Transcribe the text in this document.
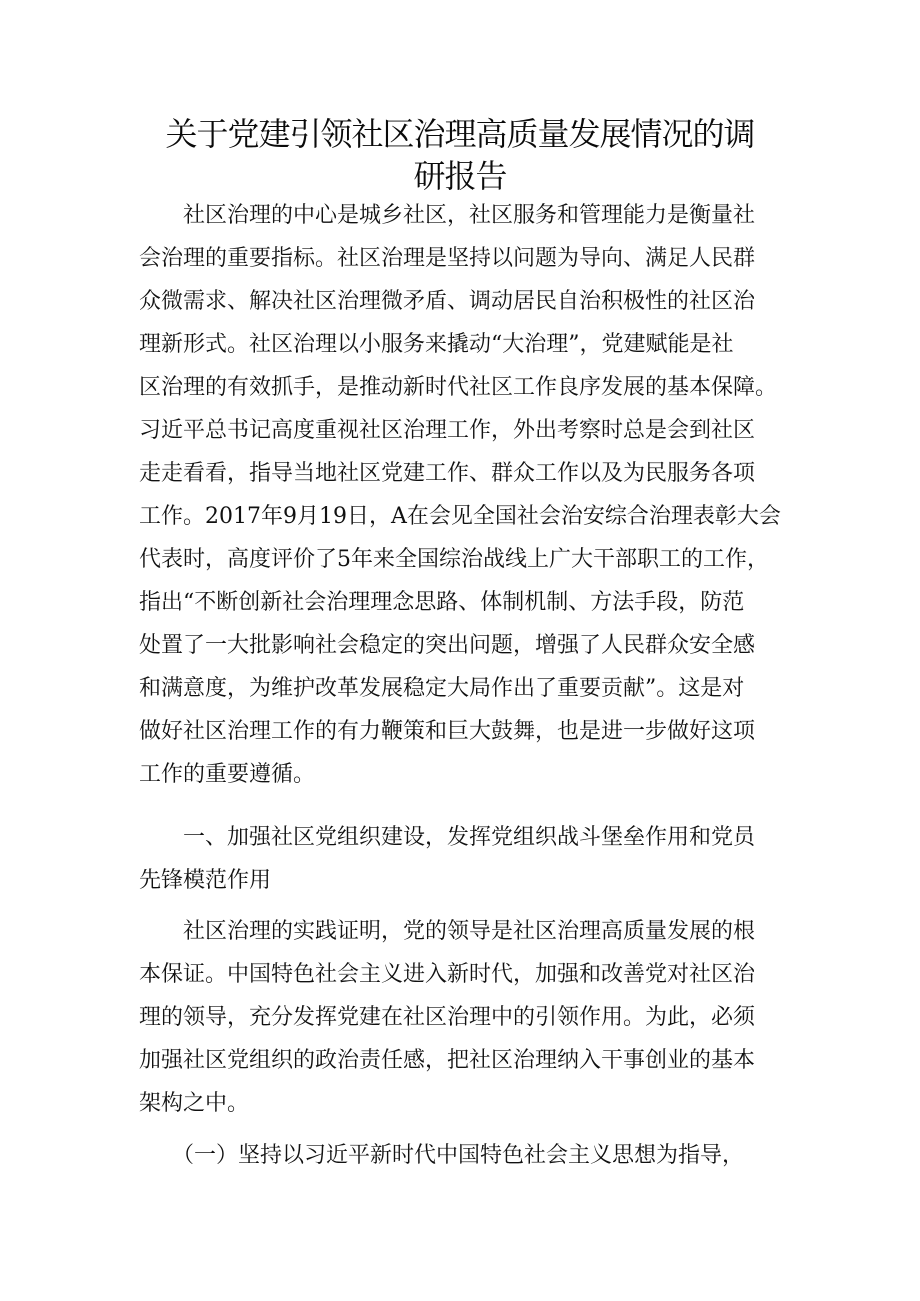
关于党建引领社区治理高质量发展情况的调
研报告
　　社区治理的中心是城乡社区，社区服务和管理能力是衡量社
会治理的重要指标。社区治理是坚持以问题为导向、满足人民群
众微需求、解决社区治理微矛盾、调动居民自治积极性的社区治
理新形式。社区治理以小服务来撬动“大治理”，党建赋能是社
区治理的有效抓手，是推动新时代社区工作良序发展的基本保障。
习近平总书记高度重视社区治理工作，外出考察时总是会到社区
走走看看，指导当地社区党建工作、群众工作以及为民服务各项
工作。2017年9月19日，A在会见全国社会治安综合治理表彰大会
代表时，高度评价了5年来全国综治战线上广大干部职工的工作，
指出“不断创新社会治理理念思路、体制机制、方法手段，防范
处置了一大批影响社会稳定的突出问题，增强了人民群众安全感
和满意度，为维护改革发展稳定大局作出了重要贡献”。这是对
做好社区治理工作的有力鞭策和巨大鼓舞，也是进一步做好这项
工作的重要遵循。
　　一、加强社区党组织建设，发挥党组织战斗堡垒作用和党员
先锋模范作用
　　社区治理的实践证明，党的领导是社区治理高质量发展的根
本保证。中国特色社会主义进入新时代，加强和改善党对社区治
理的领导，充分发挥党建在社区治理中的引领作用。为此，必须
加强社区党组织的政治责任感，把社区治理纳入干事创业的基本
架构之中。
　　（一）坚持以习近平新时代中国特色社会主义思想为指导，
